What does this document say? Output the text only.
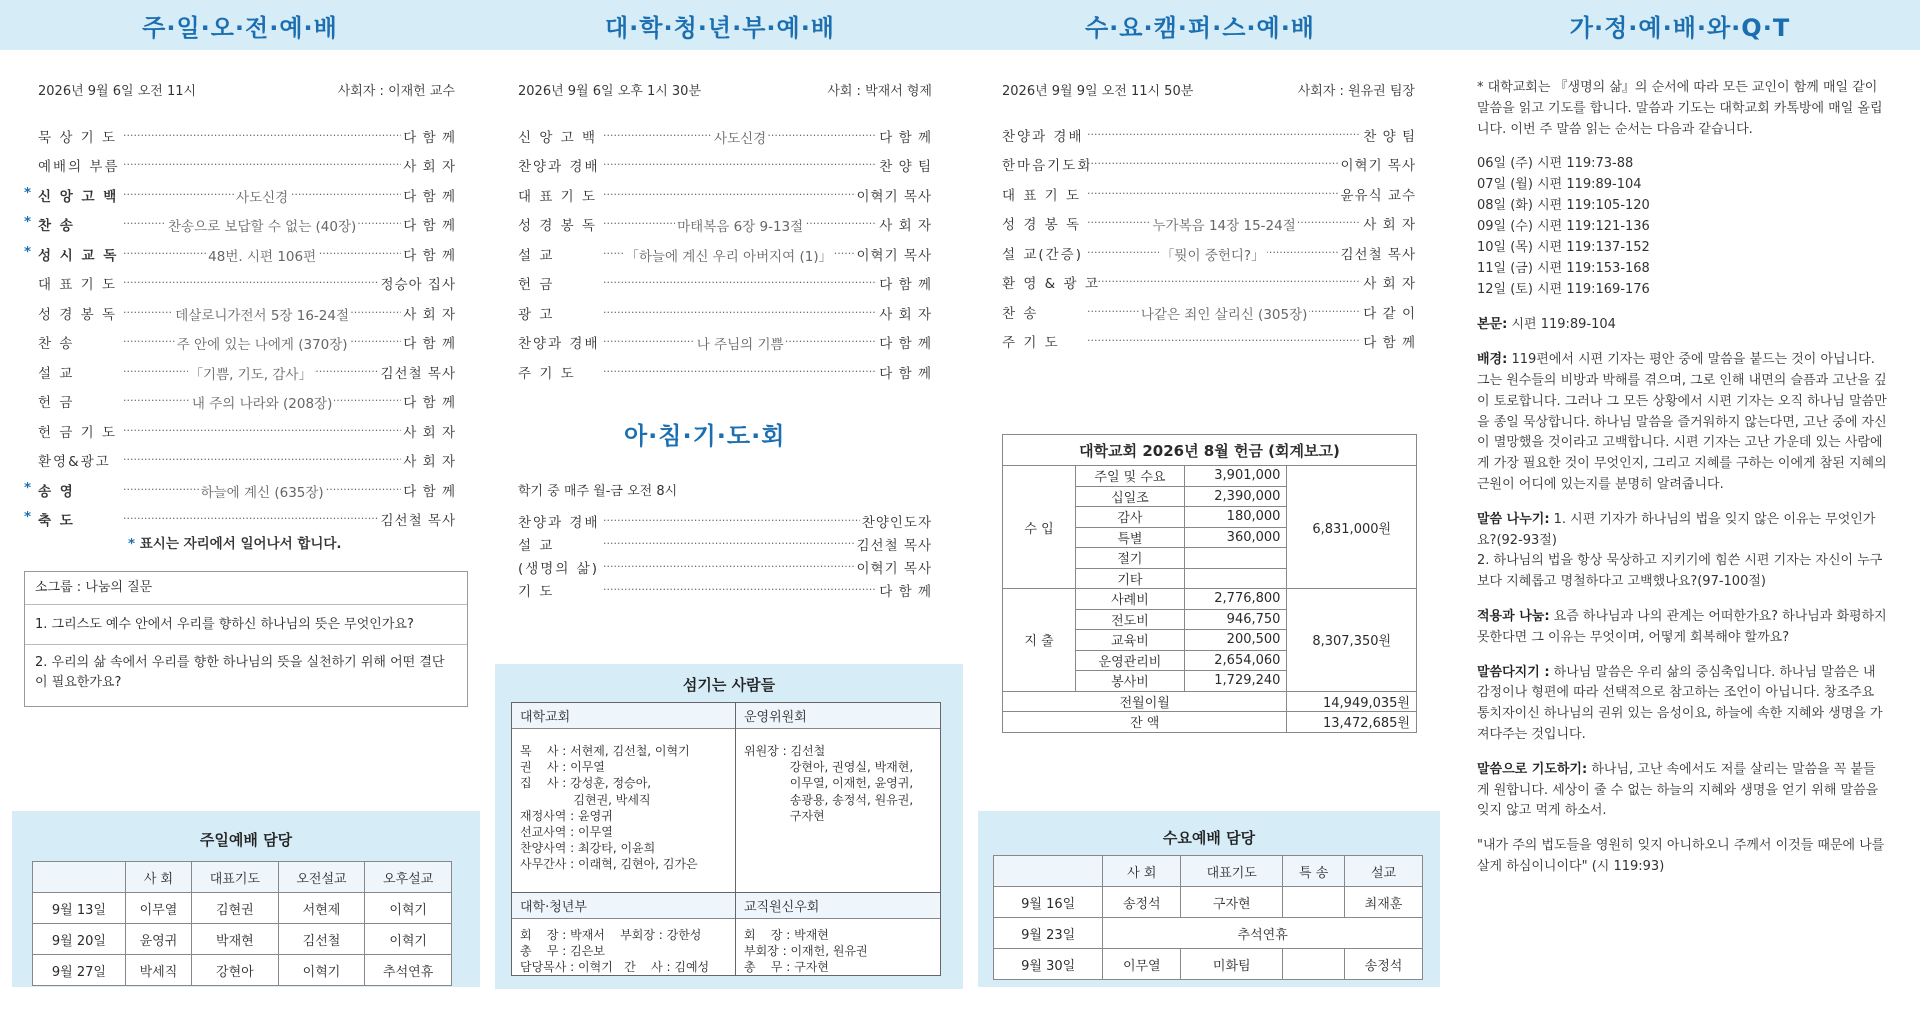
주·일·오·전·예·배	대·학·청·년·부·예·배	수·요·캠·퍼·스·예·배	가·정·예·배·와·Q·T
2026년 9월 6일 오전 11시	사회자 : 이재헌 교수
묵 상 기 도 ·····	다 함 께
예배의 부름 ·····	사 회 자
* 신 앙 고 백	····· 사도신경	다 함 께
* 찬 송	····· 찬송으로 보답할 수 없는 (40장)	다 함 께
* 성 시 교 독	····· 48번. 시편 106편	다 함 께
대 표 기 도 ·····	정승아 집사
성 경 봉 독	····· 데살로니가전서 5장 16-24절	사 회 자
찬 송	····· 주 안에 있는 나에게 (370장)	다 함 께
설 교	····· 「기쁨, 기도, 감사」	김선철 목사
헌 금	····· 내 주의 나라와 (208장)	다 함 께
헌 금 기 도 ·····	사 회 자
환영&광고 ·····	사 회 자
* 송 영	····· 하늘에 계신 (635장)	다 함 께
* 축 도 ·····	김선철 목사
* 표시는 자리에서 일어나서 합니다.
소그룹 : 나눔의 질문
1. 그리스도 예수 안에서 우리를 향하신 하나님의 뜻은 무엇인가요?
2. 우리의 삶 속에서 우리를 향한 하나님의 뜻을 실천하기 위해 어떤 결단이 필요한가요?
주일예배 담당
	사 회	대표기도	오전설교	오후설교
9월 13일	이무열	김현권	서현제	이혁기
9월 20일	윤영귀	박재현	김선철	이혁기
9월 27일	박세직	강현아	이혁기	추석연휴
2026년 9월 6일 오후 1시 30분	사회 : 박재서 형제
신 앙 고 백	····· 사도신경	다 함 께
찬양과 경배 ·····	찬 양 팀
대 표 기 도 ·····	이혁기 목사
성 경 봉 독	····· 마태복음 6장 9-13절	사 회 자
설 교	····· 「하늘에 계신 우리 아버지여 (1)」 이혁기 목사
헌 금 ·····	다 함 께
광 고 ·····	사 회 자
찬양과 경배	····· 나 주님의 기쁨	다 함 께
주 기 도 ·····	다 함 께
아·침·기·도·회
학기 중 매주 월-금 오전 8시
찬양과 경배 ·····	찬양인도자
설 교 ·····	김선철 목사
(생명의 삶) ·····	이혁기 목사
기 도 ·····	다 함 께
섬기는 사람들
대학교회
목    사 : 서현제, 김선철, 이혁기
권    사 : 이무열
집    사 : 강성훈, 정승아,
김현권, 박세직
재정사역 : 윤영귀
선교사역 : 이무열
찬양사역 : 최강타, 이윤희
사무간사 : 이래혁, 김현아, 김가은
운영위원회
위원장 : 김선철
강현아, 권영실, 박재현,
이무열, 이재헌, 윤영귀,
송광용, 송정석, 원유권,
구자현
대학·청년부
회    장 : 박재서    부회장 : 강한성
총    무 : 김은보
담당목사 : 이혁기   간    사 : 김예성
교직원신우회
회    장 : 박재현
부회장 : 이재헌, 원유권
총    무 : 구자현
2026년 9월 9일 오전 11시 50분	사회자 : 원유권 팀장
찬양과 경배 ·····	찬 양 팀
한마음기도회 ·····	이혁기 목사
대 표 기 도 ·····	윤유식 교수
성 경 봉 독	····· 누가복음 14장 15-24절	사 회 자
설 교(간증)	····· 「뭣이 중헌디?」	김선철 목사
환 영 & 광 고 ·····	사 회 자
찬 송	····· 나같은 죄인 살리신 (305장)	다 같 이
주 기 도 ·····	다 함 께
대학교회 2026년 8월 헌금 (회계보고)			
수 입	주일 및 수요	3,901,000	6,831,000원
	십일조	2,390,000	
	감사	180,000	
	특별	360,000	
	절기		
	기타		
지 출	사례비	2,776,800	8,307,350원
	전도비	946,750	
	교육비	200,500	
	운영관리비	2,654,060	
	봉사비	1,729,240	
전월이월			14,949,035원
잔 액			13,472,685원
수요예배 담당
	사 회	대표기도	특 송	설교
9월 16일	송정석	구자현		최재훈
9월 23일	추석연휴			
9월 30일	이무열	미화팀		송정석

* 대학교회는 『생명의 삶』의 순서에 따라 모든 교인이 함께 매일 같이 말씀을 읽고 기도를 합니다. 말씀과 기도는 대학교회 카톡방에 매일 올립니다. 이번 주 말씀 읽는 순서는 다음과 같습니다.

06일 (주) 시편 119:73-88
07일 (월) 시편 119:89-104
08일 (화) 시편 119:105-120
09일 (수) 시편 119:121-136
10일 (목) 시편 119:137-152
11일 (금) 시편 119:153-168
12일 (토) 시편 119:169-176

본문: 시편 119:89-104

배경: 119편에서 시편 기자는 평안 중에 말씀을 붙드는 것이 아닙니다. 그는 원수들의 비방과 박해를 겪으며, 그로 인해 내면의 슬픔과 고난을 깊이 토로합니다. 그러나 그 모든 상황에서 시편 기자는 오직 하나님 말씀만을 종일 묵상합니다. 하나님 말씀을 즐거워하지 않는다면, 고난 중에 자신이 멸망했을 것이라고 고백합니다. 시편 기자는 고난 가운데 있는 사람에게 가장 필요한 것이 무엇인지, 그리고 지혜를 구하는 이에게 참된 지혜의 근원이 어디에 있는지를 분명히 알려줍니다.

말씀 나누기: 1. 시편 기자가 하나님의 법을 잊지 않은 이유는 무엇인가요?(92-93절)
2. 하나님의 법을 항상 묵상하고 지키기에 힘쓴 시편 기자는 자신이 누구보다 지혜롭고 명철하다고 고백했나요?(97-100절)

적용과 나눔: 요즘 하나님과 나의 관계는 어떠한가요? 하나님과 화평하지 못한다면 그 이유는 무엇이며, 어떻게 회복해야 할까요?

말씀다지기 : 하나님 말씀은 우리 삶의 중심축입니다. 하나님 말씀은 내 감정이나 형편에 따라 선택적으로 참고하는 조언이 아닙니다. 창조주요 통치자이신 하나님의 권위 있는 음성이요, 하늘에 속한 지혜와 생명을 가져다주는 것입니다.

말씀으로 기도하기: 하나님, 고난 속에서도 저를 살리는 말씀을 꼭 붙들게 원합니다. 세상이 줄 수 없는 하늘의 지혜와 생명을 얻기 위해 말씀을 잊지 않고 먹게 하소서.

"내가 주의 법도들을 영원히 잊지 아니하오니 주께서 이것들 때문에 나를 살게 하심이니이다" (시 119:93)
